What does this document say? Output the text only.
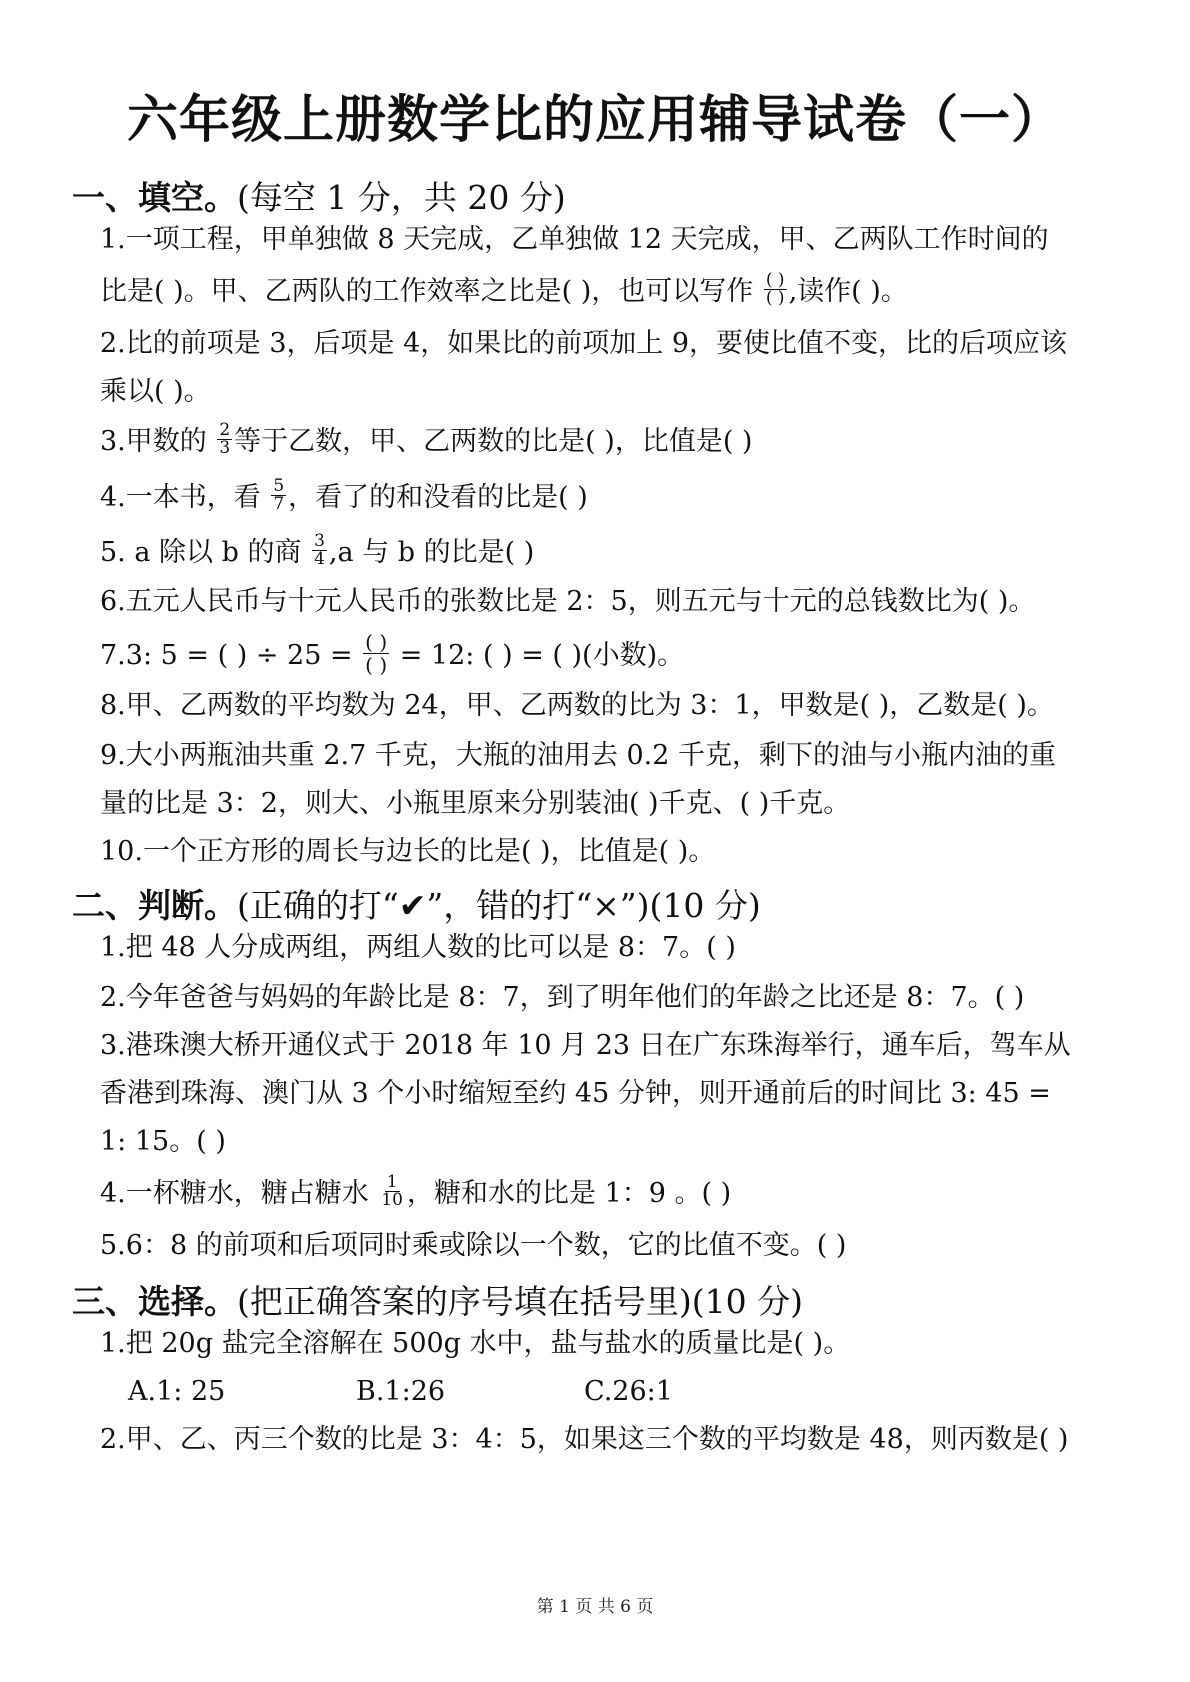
六年级上册数学比的应用辅导试卷（一）
一、填空。(每空 1 分，共 20 分)
1.一项工程，甲单独做 8 天完成，乙单独做 12 天完成，甲、乙两队工作时间的
比是( )。甲、乙两队的工作效率之比是( )，也可以写作 $\frac{( )}{( )}$ ,读作( )。
2.比的前项是 3，后项是 4，如果比的前项加上 9，要使比值不变，比的后项应该
乘以( )。
3.甲数的 $\frac{2}{3}$ 等于乙数，甲、乙两数的比是( )，比值是( )
4.一本书，看 $\frac{5}{7}$ ，看了的和没看的比是( )
5. a 除以 b 的商 $\frac{3}{4} ,a$ 与 b 的比是( )
6.五元人民币与十元人民币的张数比是 2：5，则五元与十元的总钱数比为( )。
7.3: 5 = ( ) ÷ $25 = \frac{( )}{( )} = 12$: ( ) = ( )(小数)。
8.甲、乙两数的平均数为 24，甲、乙两数的比为 3：1，甲数是( )，乙数是( )。
9.大小两瓶油共重 2.7 千克，大瓶的油用去 0.2 千克，剩下的油与小瓶内油的重
量的比是 3：2，则大、小瓶里原来分别装油( )千克、( )千克。
10.一个正方形的周长与边长的比是( )，比值是( )。
二、判断。(正确的打“✔”，错的打“×”)(10 分)
1.把 48 人分成两组，两组人数的比可以是 8：7。( )
2.今年爸爸与妈妈的年龄比是 8：7，到了明年他们的年龄之比还是 8：7。( )
3.港珠澳大桥开通仪式于 2018 年 10 月 23 日在广东珠海举行，通车后，驾车从
香港到珠海、澳门从 3 个小时缩短至约 45 分钟，则开通前后的时间比 3: 45 =
1: 15。( )
4.一杯糖水，糖占糖水 $\frac{1}{10}$ ，糖和水的比是 1：9 。( )
5.6：8 的前项和后项同时乘或除以一个数，它的比值不变。( )
三、选择。(把正确答案的序号填在括号里)(10 分)
1.把 20g 盐完全溶解在 500g 水中，盐与盐水的质量比是( )。
A.1: 25	B.1:26	C.26:1
2.甲、乙、丙三个数的比是 3：4：5，如果这三个数的平均数是 48，则丙数是( )
第 1 页 共 6 页
